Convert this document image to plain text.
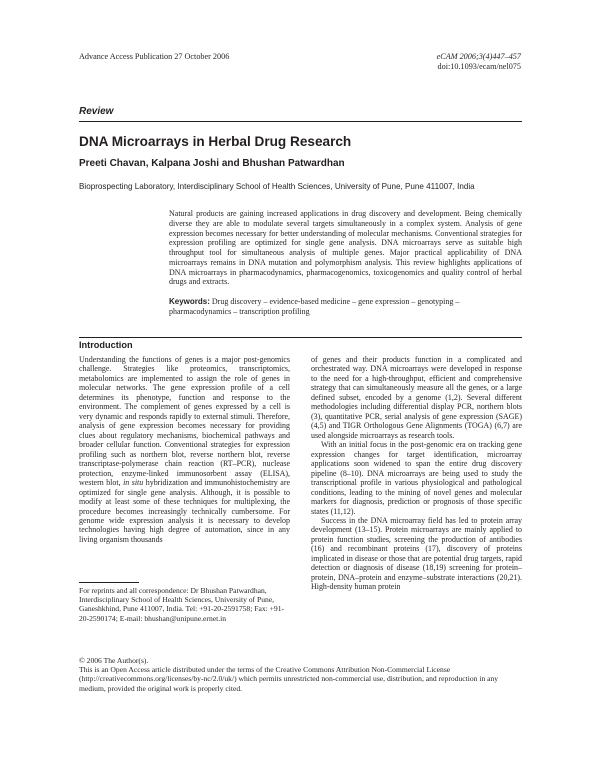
Advance Access Publication 27 October 2006	eCAM 2006;3(4)447–457
doi:10.1093/ecam/nel075
Review
DNA Microarrays in Herbal Drug Research
Preeti Chavan, Kalpana Joshi and Bhushan Patwardhan
Bioprospecting Laboratory, Interdisciplinary School of Health Sciences, University of Pune, Pune 411007, India
Natural products are gaining increased applications in drug discovery and development. Being chemically diverse they are able to modulate several targets simultaneously in a complex system. Analysis of gene expression becomes necessary for better understanding of molecular mechanisms. Conventional strategies for expression profiling are optimized for single gene analysis. DNA microarrays serve as suitable high throughput tool for simultaneous analysis of multiple genes. Major practical applicability of DNA microarrays remains in DNA mutation and polymorphism analysis. This review highlights applications of DNA microarrays in pharmacodynamics, pharmacogenomics, toxicogenomics and quality control of herbal drugs and extracts.
Keywords: Drug discovery – evidence-based medicine – gene expression – genotyping – pharmacodynamics – transcription profiling
Introduction

Understanding the functions of genes is a major post-genomics challenge. Strategies like proteomics, transcriptomics, metabolomics are implemented to assign the role of genes in molecular networks. The gene expression profile of a cell determines its phenotype, function and response to the environment. The complement of genes expressed by a cell is very dynamic and responds rapidly to external stimuli. Therefore, analysis of gene expression becomes necessary for providing clues about regulatory mechanisms, biochemical pathways and broader cellular function. Conventional strategies for expression profiling such as northern blot, reverse northern blot, reverse transcriptase-polymerase chain reaction (RT–PCR), nuclease protection, enzyme-linked immunosorbent assay (ELISA), western blot, in situ hybridization and immunohistochemistry are optimized for single gene analysis. Although, it is possible to modify at least some of these techniques for multiplexing, the procedure becomes increasingly technically cumbersome. For genome wide expression analysis it is necessary to develop technologies having high degree of automation, since in any living organism thousands

of genes and their products function in a complicated and orchestrated way. DNA microarrays were developed in response to the need for a high-throughput, efficient and comprehensive strategy that can simultaneously measure all the genes, or a large defined subset, encoded by a genome (1,2). Several different methodologies including differential display PCR, northern blots (3), quantitative PCR, serial analysis of gene expression (SAGE) (4,5) and TIGR Orthologous Gene Alignments (TOGA) (6,7) are used alongside microarrays as research tools.

With an initial focus in the post-genomic era on tracking gene expression changes for target identification, microarray applications soon widened to span the entire drug discovery pipeline (8–10). DNA microarrays are being used to study the transcriptional profile in various physiological and pathological conditions, leading to the mining of novel genes and molecular markers for diagnosis, prediction or prognosis of those specific states (11,12).

Success in the DNA microarray field has led to protein array development (13–15). Protein microarrays are mainly applied to protein function studies, screening the production of antibodies (16) and recombinant proteins (17), discovery of proteins implicated in disease or those that are potential drug targets, rapid detection or diagnosis of disease (18,19) screening for protein–protein, DNA–protein and enzyme–substrate interactions (20,21). High-density human protein

For reprints and all correspondence: Dr Bhushan Patwardhan, Interdisciplinary School of Health Sciences, University of Pune, Ganeshkhind, Pune 411007, India. Tel: +91-20-2591758; Fax: +91-20-2590174; E-mail: bhushan@unipune.ernet.in
© 2006 The Author(s).
This is an Open Access article distributed under the terms of the Creative Commons Attribution Non-Commercial License (http://creativecommons.org/licenses/by-nc/2.0/uk/) which permits unrestricted non-commercial use, distribution, and reproduction in any medium, provided the original work is properly cited.
